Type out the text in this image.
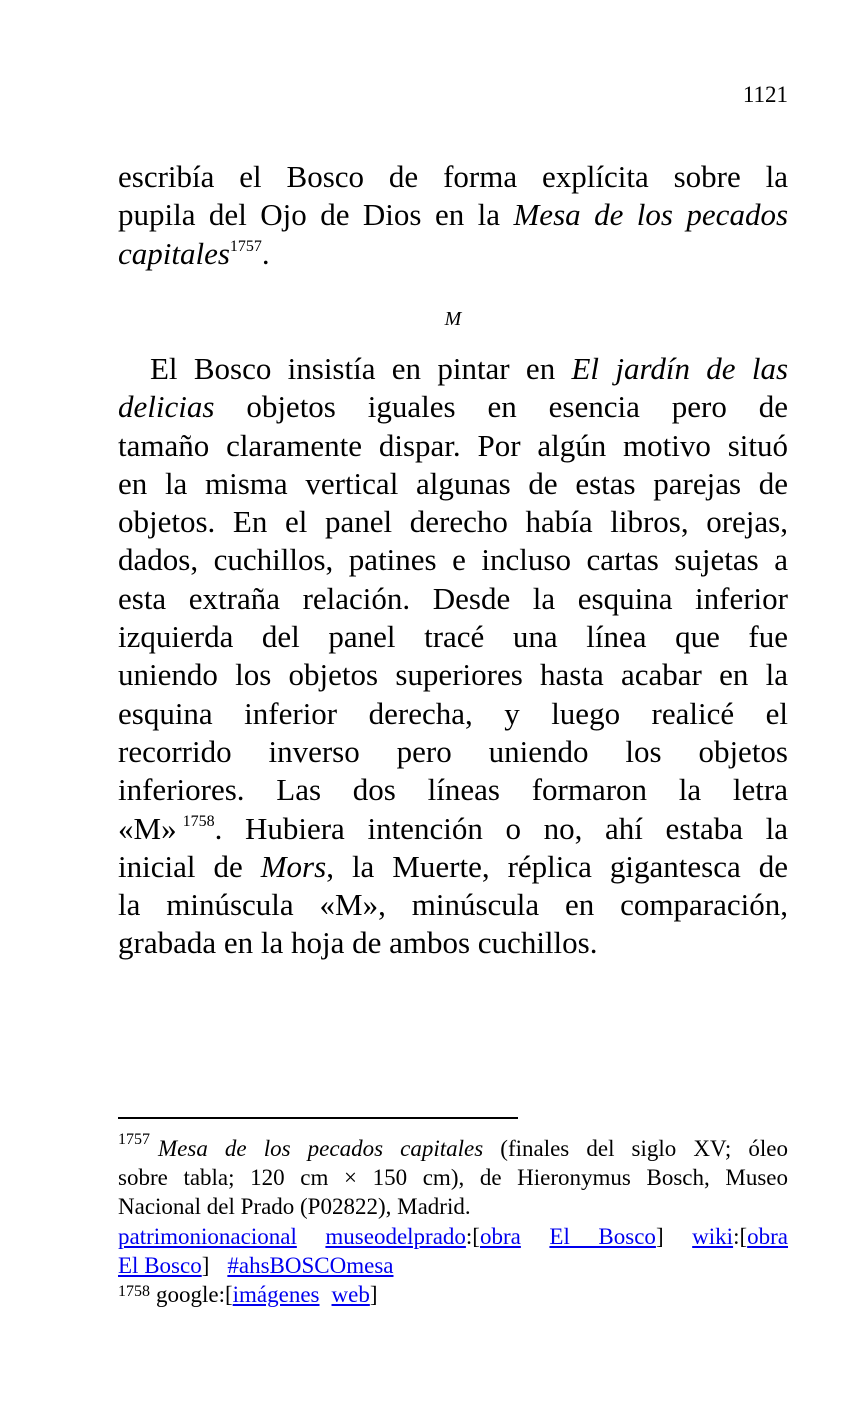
1121
escribía el Bosco de forma explícita sobre la
pupila del Ojo de Dios en la Mesa de los pecados
capitales$^{1757}$.
M
El Bosco insistía en pintar en El jardín de las
delicias objetos iguales en esencia pero de
tamaño claramente dispar. Por algún motivo situó
en la misma vertical algunas de estas parejas de
objetos. En el panel derecho había libros, orejas,
dados, cuchillos, patines e incluso cartas sujetas a
esta extraña relación. Desde la esquina inferior
izquierda del panel tracé una línea que fue
uniendo los objetos superiores hasta acabar en la
esquina inferior derecha, y luego realicé el
recorrido inverso pero uniendo los objetos
inferiores. Las dos líneas formaron la letra
«M» $^{1758}$. Hubiera intención o no, ahí estaba la
inicial de Mors, la Muerte, réplica gigantesca de
la minúscula «M», minúscula en comparación,
grabada en la hoja de ambos cuchillos.
$^{1757}$ Mesa de los pecados capitales (finales del siglo XV; óleo
sobre tabla; 120 cm × 150 cm), de Hieronymus Bosch, Museo
Nacional del Prado (P02822), Madrid.
patrimonionacional museodelprado:[obra El Bosco] wiki:[obra
El Bosco] #ahsBOSCOmesa
$^{1758}$ google:[imágenes web]
